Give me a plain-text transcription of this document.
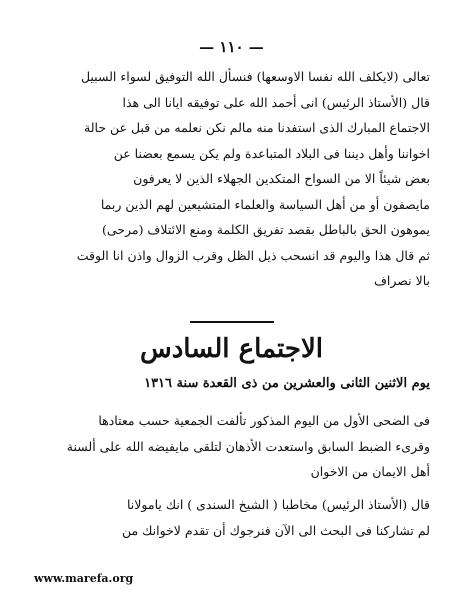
— ١١٠ —
تعالى (لايكلف الله نفسا الاوسعها) فنسأل الله التوفيق لسواء السبيل
قال (الأستاذ الرئيس) انى أحمد الله على توفيقه ايانا الى هذا
الاجتماع المبارك الذى استفدنا منه مالم نكن نعلمه من قبل عن حالة
اخواننا وأهل ديننا فى البلاد المتباعدة ولم يكن يسمع بعضنا عن
بعض شيئاً الا من السواح المتكدين الجهلاء الذين لا يعرفون
مايصفون أو من أهل السياسة والعلماء المتشيعين لهم الذين ربما
يموهون الحق بالباطل بقصد تفريق الكلمة ومنع الائتلاف (مرحى)
ثم قال هذا واليوم قد انسحب ذيل الظل وقرب الزوال واذن انا الوقت
بالا نصراف
الاجتماع السادس
يوم الاثنين الثانى والعشرين من ذى القعدة سنة ١٣١٦
فى الضحى الأول من اليوم المذكور تألفت الجمعية حسب معتادها
وقرىء الضبط السابق واستعدت الأذهان لتلقى مايفيضه الله على ألسنة
أهل الايمان من الاخوان
قال (الأستاذ الرئيس) مخاطبا ( الشيخ السندى ) انك يامولانا
لم تشاركنا فى البحث الى الآن فنرجوك أن تقدم لاخوانك من
www.marefa.org
